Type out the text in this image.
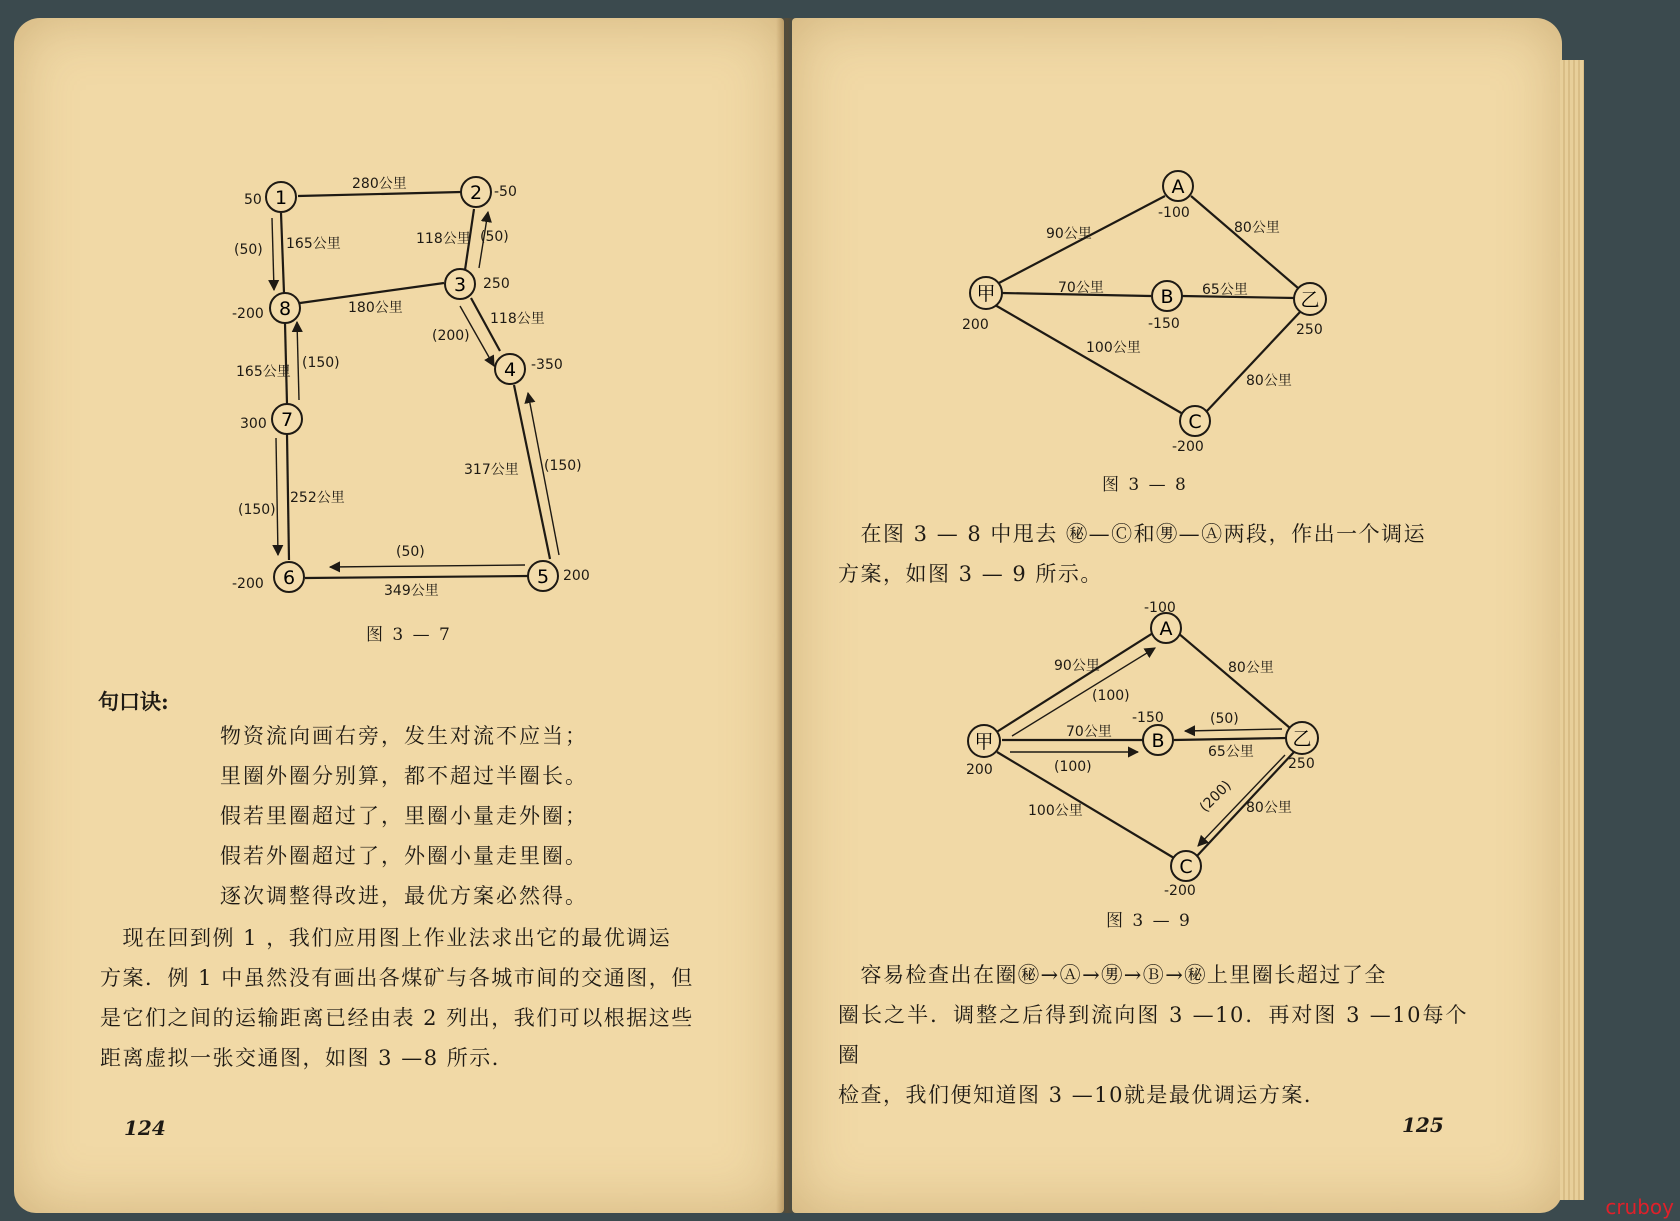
1	2
3
4
5
6
7
8
50	-50
250
-350
200
-200
300
-200
280公里
165公里	118公里
180公里
118公里
165公里
317公里
252公里
349公里
(50)
(50)
(200)
(150)
(150)
(150)
(50)
图 3 — 7
句口诀:
物资流向画右旁，发生对流不应当；
里圈外圈分别算，都不超过半圈长。
假若里圈超过了，里圈小量走外圈；
假若外圈超过了，外圈小量走里圈。
逐次调整得改进，最优方案必然得。
　现在回到例 1 ，我们应用图上作业法求出它的最优调运
方案．例 1 中虽然没有画出各煤矿与各城市间的交通图，但
是它们之间的运输距离已经由表 2 列出，我们可以根据这些
距离虚拟一张交通图，如图 3 —8 所示．
124
A
甲	B	乙
C
-100
200	-150	250
-200
90公里	80公里
70公里	65公里
100公里
80公里
图 3 — 8
　在图 3 — 8 中甩去 ㊙—Ⓒ和㊚—Ⓐ两段，作出一个调运
方案，如图 3 — 9 所示。
A
甲	B	乙
C
-100
200
-150
250
-200
90公里	80公里
70公里
65公里
100公里	80公里
(100)
(50)
(100)
(200)
图 3 — 9
　容易检查出在圈㊙→Ⓐ→㊚→Ⓑ→㊙上里圈长超过了全
圈长之半．调整之后得到流向图 3 —10．再对图 3 —10每个圈
检查，我们便知道图 3 —10就是最优调运方案．
125
cruboy
